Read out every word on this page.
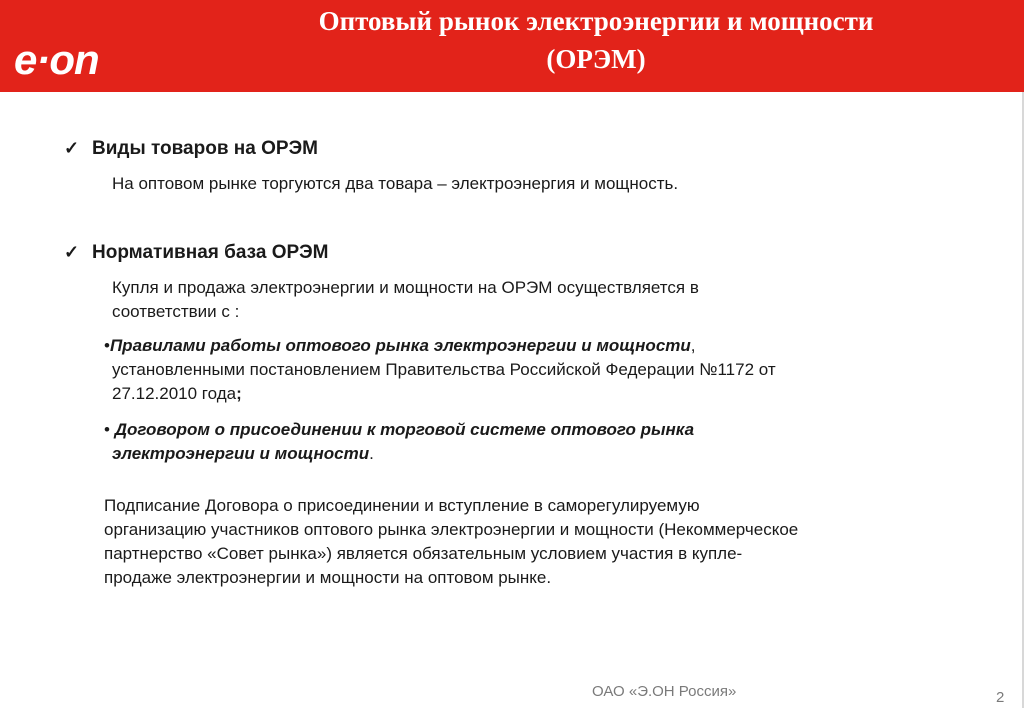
e·on
Оптовый рынок электроэнергии и мощности
(ОРЭМ)
✓ Виды товаров на ОРЭМ
На оптовом рынке торгуются два товара – электроэнергия и мощность.
✓ Нормативная база ОРЭМ
Купля и продажа электроэнергии и мощности на ОРЭМ осуществляется в
соответствии с :
•Правилами работы оптового рынка электроэнергии и мощности,
установленными постановлением Правительства Российской Федерации №1172 от
27.12.2010 года;
• Договором о присоединении к торговой системе оптового рынка
электроэнергии и мощности.
Подписание Договора о присоединении и вступление в саморегулируемую
организацию участников оптового рынка электроэнергии и мощности (Некоммерческое
партнерство «Совет рынка») является обязательным условием участия в купле-
продаже электроэнергии и мощности на оптовом рынке.
ОАО «Э.ОН Россия»	2
